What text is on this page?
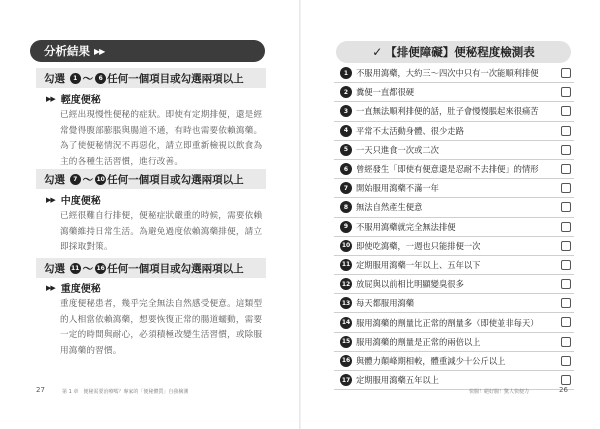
分析結果 ▶▶
勾選
	1 ～ 6 任何一個項目或勾選兩項以上
▶▶ 輕度便秘
已經出現慢性便秘的症狀。即使有定期排便，還是經常覺得腹部膨脹與腸道不通，有時也需要依賴瀉藥。為了使便秘情況不再惡化，請立即重新檢視以飲食為主的各種生活習慣，進行改善。
勾選
	7 ～ 10 任何一個項目或勾選兩項以上
▶▶ 中度便秘
已經很難自行排便，便秘症狀嚴重的時候，需要依賴瀉藥維持日常生活。為避免過度依賴瀉藥排便，請立即採取對策。
勾選
11 ～ 16 任何一個項目或勾選兩項以上
▶▶ 重度便秘
重度便秘患者，幾乎完全無法自然感受便意。這類型的人相當依賴瀉藥，想要恢復正常的腸道蠕動，需要一定的時間與耐心，必須積極改變生活習慣，或除服用瀉藥的習慣。
27	第 1 章　便秘需要治療嗎？專家的「便秘體質」自我檢測
✓ 【排便障礙】便秘程度檢測表
1 不服用瀉藥，大約三～四次中只有一次能順利排便
2 糞便一直都很硬
3 一直無法順利排便的話，肚子會慢慢脹起來很痛苦
4 平常不太活動身體、很少走路
5 一天只進食一次或二次
6 曾經發生「即使有便意還是忍耐不去排便」的情形
7 開始服用瀉藥不滿一年
8 無法自然產生便意
9 不服用瀉藥就完全無法排便
10 即使吃瀉藥，一週也只能排便一次
11 定期服用瀉藥一年以上、五年以下
12 放屁與以前相比明顯變臭很多
13 每天都服用瀉藥
14 服用瀉藥的劑量比正常的劑量多（即使並非每天）
15 服用瀉藥的劑量是正常的兩倍以上
16 與體力顛峰期相較，體重減少十公斤以上
17 定期服用瀉藥五年以上
快腸！絕好腸！驚人快便力	26
